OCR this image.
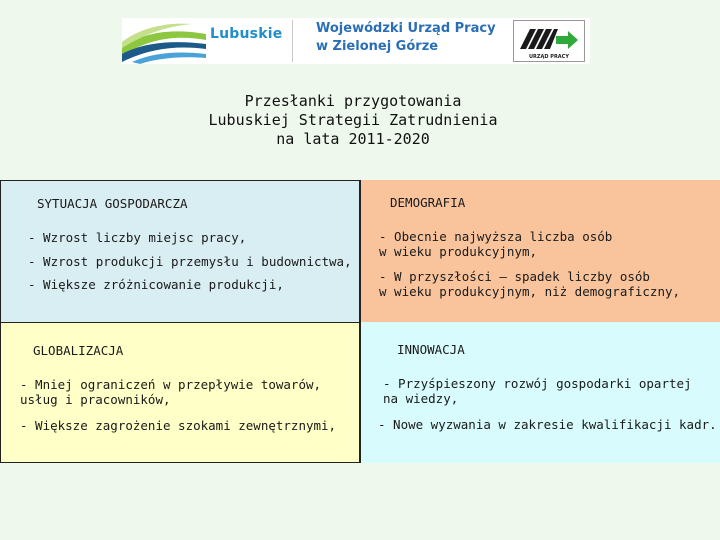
Lubuskie	Wojewódzki Urząd Pracy
w Zielonej Górze
URZĄD PRACY
Przesłanki przygotowania
Lubuskiej Strategii Zatrudnienia
na lata 2011-2020
SYTUACJA GOSPODARCZA
- Wzrost liczby miejsc pracy,
- Wzrost produkcji przemysłu i budownictwa,
- Większe zróżnicowanie produkcji,
DEMOGRAFIA
- Obecnie najwyższa liczba osób
w wieku produkcyjnym,
- W przyszłości – spadek liczby osób
w wieku produkcyjnym, niż demograficzny,
GLOBALIZACJA
- Mniej ograniczeń w przepływie towarów,
usług i pracowników,
- Większe zagrożenie szokami zewnętrznymi,
INNOWACJA
- Przyśpieszony rozwój gospodarki opartej
na wiedzy,
- Nowe wyzwania w zakresie kwalifikacji kadr.
